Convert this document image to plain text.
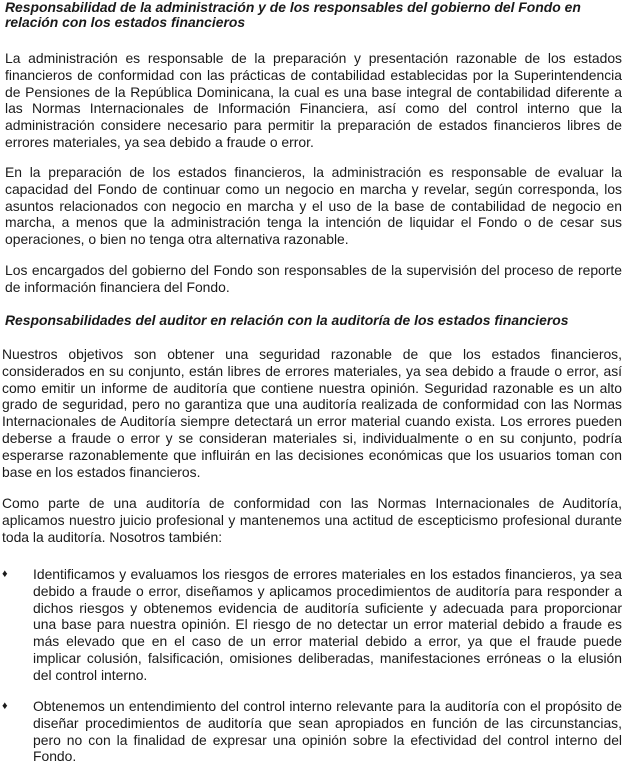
Responsabilidad de la administración y de los responsables del gobierno del Fondo en relación con los estados financieros

La administración es responsable de la preparación y presentación razonable de los estados financieros de conformidad con las prácticas de contabilidad establecidas por la Superintendencia de Pensiones de la República Dominicana, la cual es una base integral de contabilidad diferente a las Normas Internacionales de Información Financiera, así como del control interno que la administración considere necesario para permitir la preparación de estados financieros libres de errores materiales, ya sea debido a fraude o error.

En la preparación de los estados financieros, la administración es responsable de evaluar la capacidad del Fondo de continuar como un negocio en marcha y revelar, según corresponda, los asuntos relacionados con negocio en marcha y el uso de la base de contabilidad de negocio en marcha, a menos que la administración tenga la intención de liquidar el Fondo o de cesar sus operaciones, o bien no tenga otra alternativa razonable.

Los encargados del gobierno del Fondo son responsables de la supervisión del proceso de reporte de información financiera del Fondo.

Responsabilidades del auditor en relación con la auditoría de los estados financieros

Nuestros objetivos son obtener una seguridad razonable de que los estados financieros, considerados en su conjunto, están libres de errores materiales, ya sea debido a fraude o error, así como emitir un informe de auditoría que contiene nuestra opinión. Seguridad razonable es un alto grado de seguridad, pero no garantiza que una auditoría realizada de conformidad con las Normas Internacionales de Auditoría siempre detectará un error material cuando exista. Los errores pueden deberse a fraude o error y se consideran materiales si, individualmente o en su conjunto, podría esperarse razonablemente que influirán en las decisiones económicas que los usuarios toman con base en los estados financieros.

Como parte de una auditoría de conformidad con las Normas Internacionales de Auditoría, aplicamos nuestro juicio profesional y mantenemos una actitud de escepticismo profesional durante toda la auditoría. Nosotros también:

♦	Identificamos y evaluamos los riesgos de errores materiales en los estados financieros, ya sea debido a fraude o error, diseñamos y aplicamos procedimientos de auditoría para responder a dichos riesgos y obtenemos evidencia de auditoría suficiente y adecuada para proporcionar una base para nuestra opinión. El riesgo de no detectar un error material debido a fraude es más elevado que en el caso de un error material debido a error, ya que el fraude puede implicar colusión, falsificación, omisiones deliberadas, manifestaciones erróneas o la elusión del control interno.

♦	Obtenemos un entendimiento del control interno relevante para la auditoría con el propósito de diseñar procedimientos de auditoría que sean apropiados en función de las circunstancias, pero no con la finalidad de expresar una opinión sobre la efectividad del control interno del Fondo.
